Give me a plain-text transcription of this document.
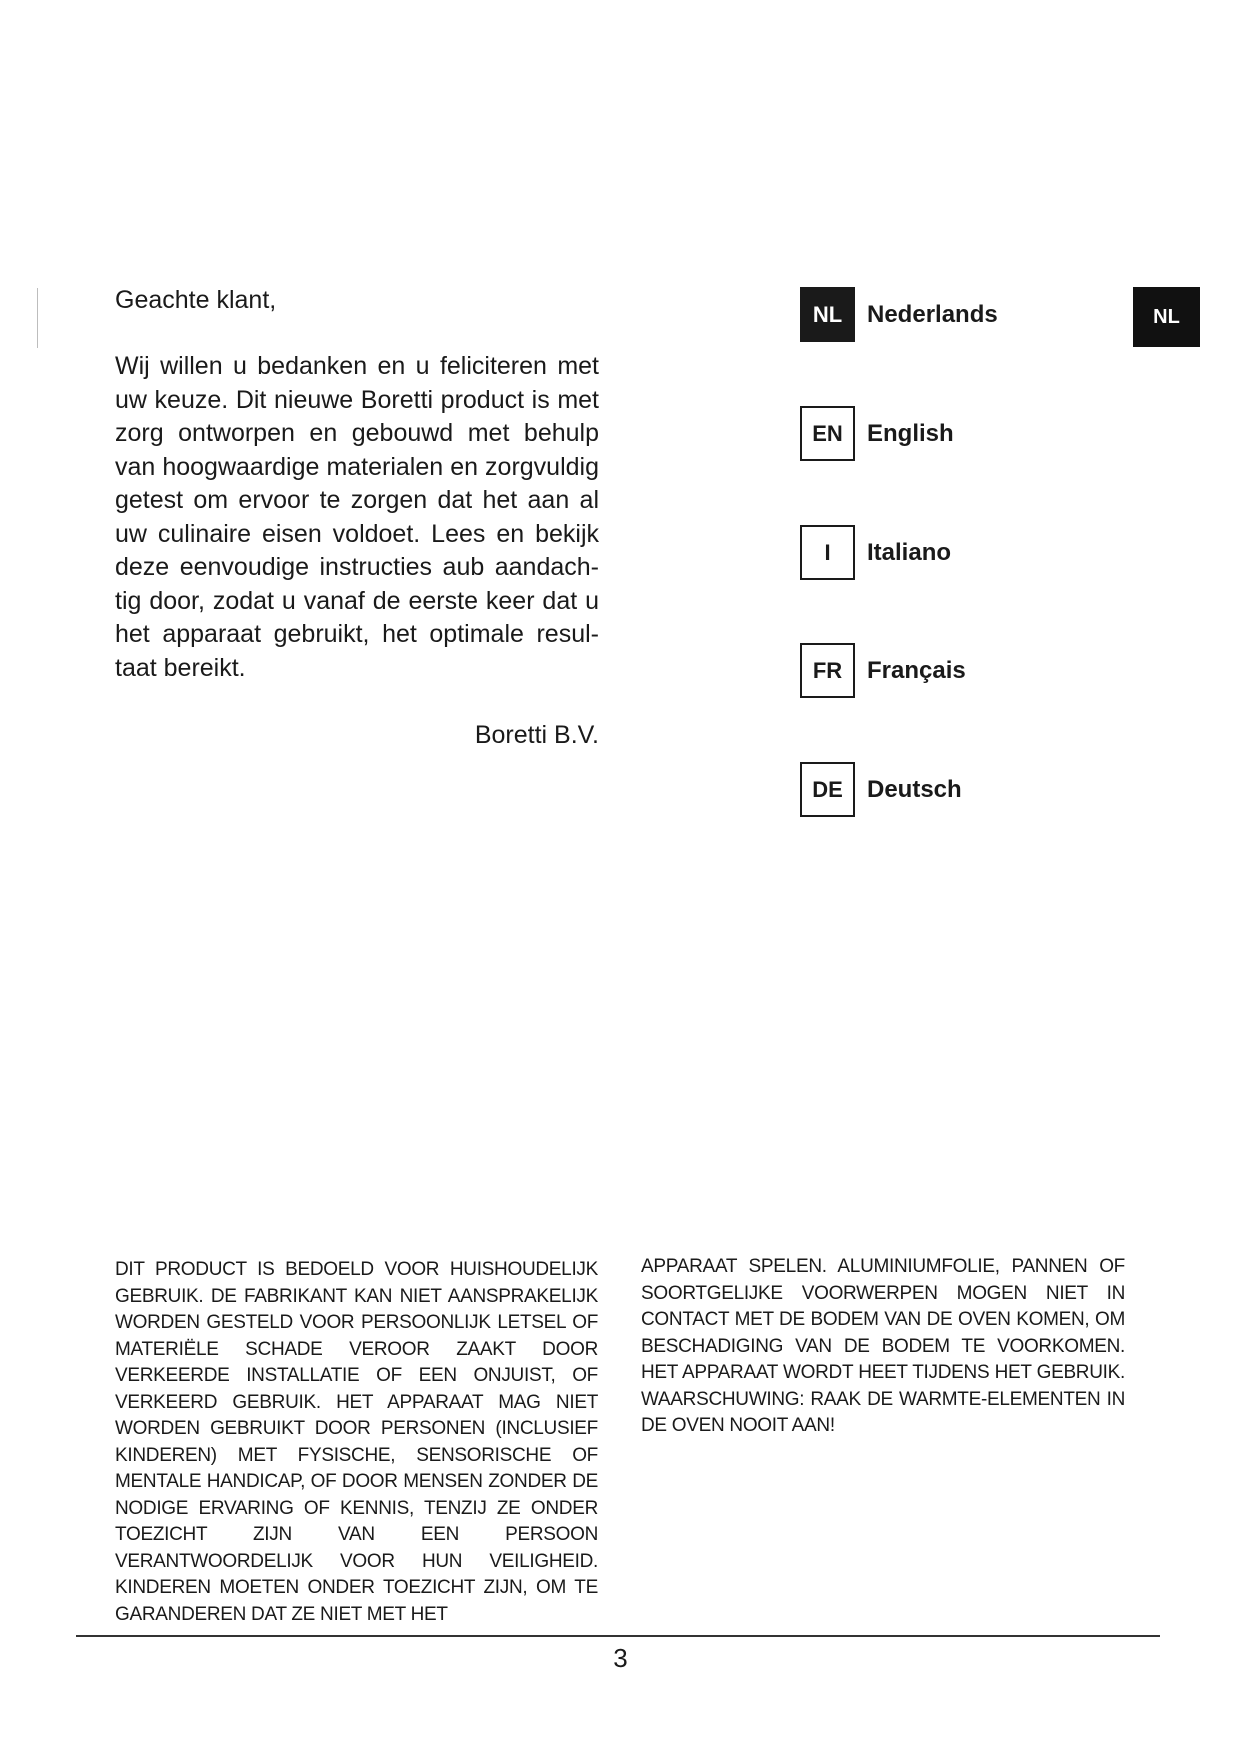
Geachte klant,
Wij willen u bedanken en u feliciteren met uw keuze. Dit nieuwe Boretti product is met zorg ontworpen en gebouwd met behulp van hoogwaardige materialen en zorgvuldig getest om ervoor te zorgen dat het aan al uw culinaire eisen voldoet. Lees en bekijk deze eenvoudige instructies aub aandachtig door, zodat u vanaf de eerste keer dat u het apparaat gebruikt, het optimale resultaat bereikt.
Boretti B.V.
NL	Nederlands
EN	English
I	Italiano
FR	Français
DE	Deutsch
NL
DIT PRODUCT IS BEDOELD VOOR HUISHOUDELIJK GEBRUIK. DE FABRIKANT KAN NIET AANSPRAKELIJK WORDEN GESTELD VOOR PERSOONLIJK LETSEL OF MATERIËLE SCHADE VEROOR ZAAKT DOOR VERKEERDE INSTALLATIE OF EEN ONJUIST, OF VERKEERD GEBRUIK. HET APPARAAT MAG NIET WORDEN GEBRUIKT DOOR PERSONEN (INCLUSIEF KINDEREN) MET FYSISCHE, SENSORISCHE OF MENTALE HANDICAP, OF DOOR MENSEN ZONDER DE NODIGE ERVARING OF KENNIS, TENZIJ ZE ONDER TOEZICHT ZIJN VAN EEN PERSOON VERANTWOORDELIJK VOOR HUN VEILIGHEID. KINDEREN MOETEN ONDER TOEZICHT ZIJN, OM TE GARANDEREN DAT ZE NIET MET HET
APPARAAT SPELEN. ALUMINIUMFOLIE, PANNEN OF SOORTGELIJKE VOORWERPEN MOGEN NIET IN CONTACT MET DE BODEM VAN DE OVEN KOMEN, OM BESCHADIGING VAN DE BODEM TE VOORKOMEN. HET APPARAAT WORDT HEET TIJDENS HET GEBRUIK. WAARSCHUWING: RAAK DE WARMTE-ELEMENTEN IN DE OVEN NOOIT AAN!
3
